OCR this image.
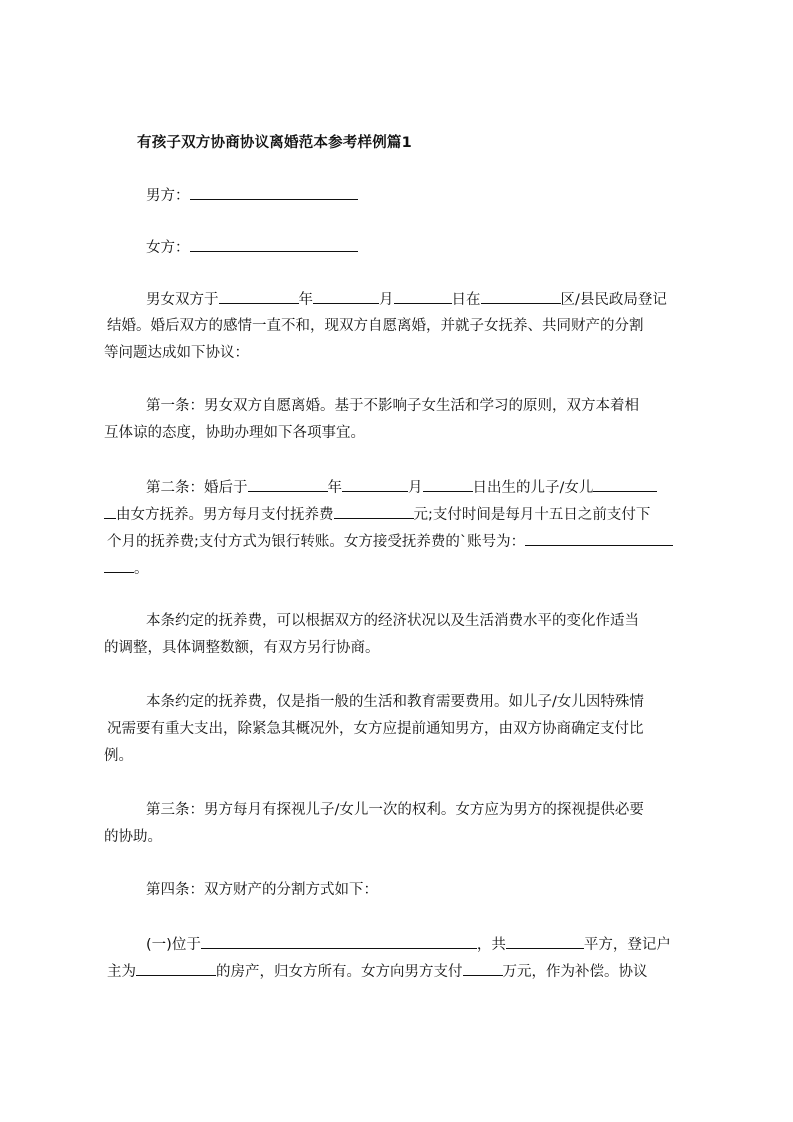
有孩子双方协商协议离婚范本参考样例篇1
男方：
女方：
男女双方于	年	月	日在	区/县民政局登记
结婚。婚后双方的感情一直不和，现双方自愿离婚，并就子女抚养、共同财产的分割
等问题达成如下协议：
第一条：男女双方自愿离婚。基于不影响子女生活和学习的原则，双方本着相
互体谅的态度，协助办理如下各项事宜。
第二条：婚后于	年	月	日出生的儿子/女儿
由女方抚养。男方每月支付抚养费	元;支付时间是每月十五日之前支付下
个月的抚养费;支付方式为银行转账。女方接受抚养费的`账号为：
。
本条约定的抚养费，可以根据双方的经济状况以及生活消费水平的变化作适当
的调整，具体调整数额，有双方另行协商。
本条约定的抚养费，仅是指一般的生活和教育需要费用。如儿子/女儿因特殊情
况需要有重大支出，除紧急其概况外，女方应提前通知男方，由双方协商确定支付比
例。
第三条：男方每月有探视儿子/女儿一次的权利。女方应为男方的探视提供必要
的协助。
第四条：双方财产的分割方式如下：
(一)位于	，共	平方，登记户
主为	的房产，归女方所有。女方向男方支付	万元，作为补偿。协议
